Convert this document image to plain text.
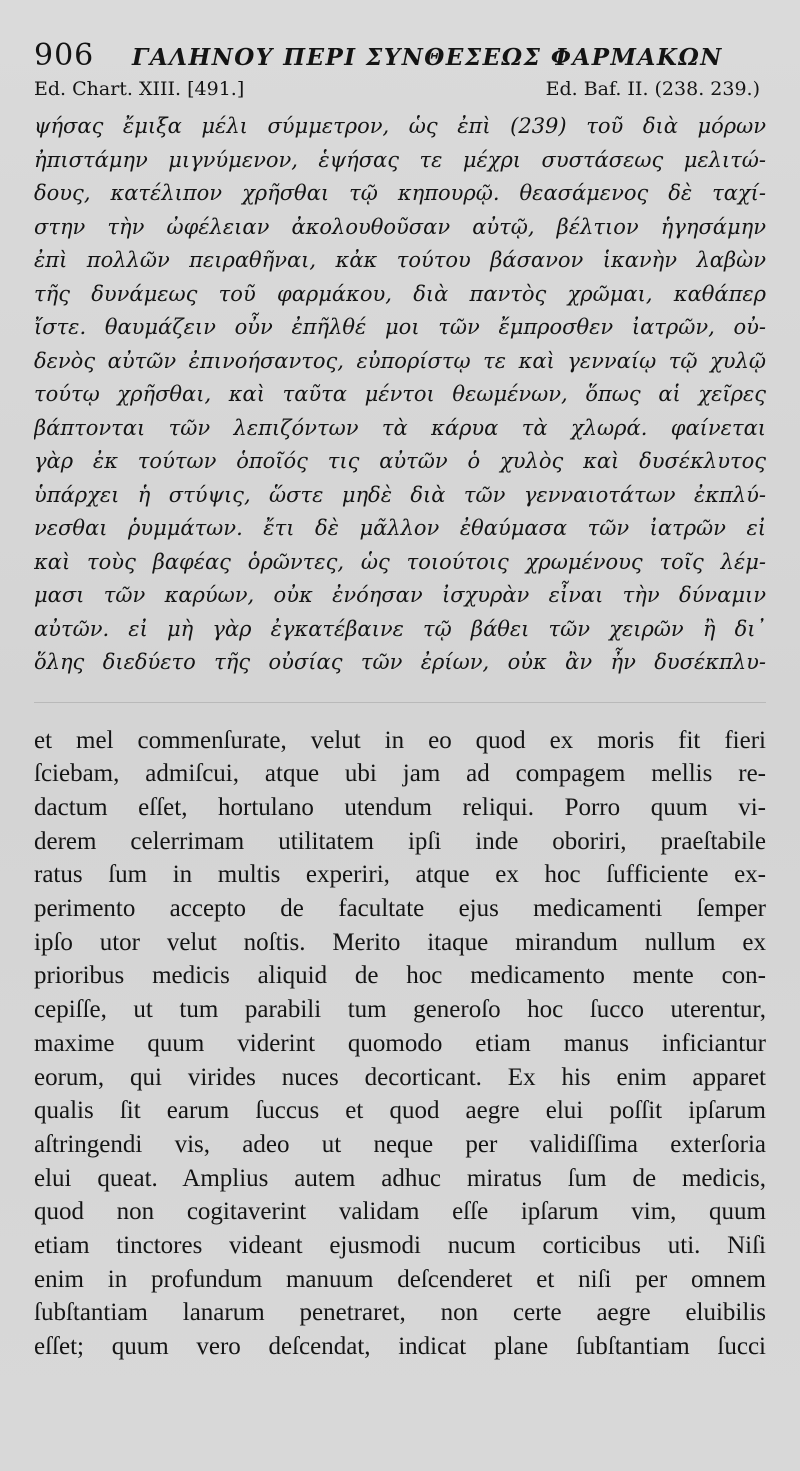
906	ΓΑΛΗΝΟΥ ΠΕΡΙ ΣΥΝΘΕΣΕΩΣ ΦΑΡΜΑΚΩΝ
Ed. Chart. XIII. [491.]	Ed. Baf. II. (238. 239.)
ψήσας ἔμιξα μέλι σύμμετρον, ὡς ἐπὶ (239) τοῦ διὰ μόρων
ἠπιστάμην μιγνύμενον, ἑψήσας τε μέχρι συστάσεως μελιτώ-
δους, κατέλιπον χρῆσθαι τῷ κηπουρῷ. θεασάμενος δὲ ταχί-
στην τὴν ὠφέλειαν ἀκολουθοῦσαν αὐτῷ, βέλτιον ἡγησάμην
ἐπὶ πολλῶν πειραθῆναι, κἀκ τούτου βάσανον ἱκανὴν λαβὼν
τῆς δυνάμεως τοῦ φαρμάκου, διὰ παντὸς χρῶμαι, καθάπερ
ἴστε. θαυμάζειν οὖν ἐπῆλθέ μοι τῶν ἔμπροσθεν ἰατρῶν, οὐ-
δενὸς αὐτῶν ἐπινοήσαντος, εὐπορίστῳ τε καὶ γενναίῳ τῷ χυλῷ
τούτῳ χρῆσθαι, καὶ ταῦτα μέντοι θεωμένων, ὅπως αἱ χεῖρες
βάπτονται τῶν λεπιζόντων τὰ κάρυα τὰ χλωρά. φαίνεται
γὰρ ἐκ τούτων ὁποῖός τις αὐτῶν ὁ χυλὸς καὶ δυσέκλυτος
ὑπάρχει ἡ στύψις, ὥστε μηδὲ διὰ τῶν γενναιοτάτων ἐκπλύ-
νεσθαι ῥυμμάτων. ἔτι δὲ μᾶλλον ἐθαύμασα τῶν ἰατρῶν εἰ
καὶ τοὺς βαφέας ὁρῶντες, ὡς τοιούτοις χρωμένους τοῖς λέμ-
μασι τῶν καρύων, οὐκ ἐνόησαν ἰσχυρὰν εἶναι τὴν δύναμιν
αὐτῶν. εἰ μὴ γὰρ ἐγκατέβαινε τῷ βάθει τῶν χειρῶν ἢ δι᾽
ὅλης διεδύετο τῆς οὐσίας τῶν ἐρίων, οὐκ ἂν ἦν δυσέκπλυ-
et mel commenſurate, velut in eo quod ex moris fit fieri
ſciebam, admiſcui, atque ubi jam ad compagem mellis re-
dactum eſſet, hortulano utendum reliqui. Porro quum vi-
derem celerrimam utilitatem ipſi inde oboriri, praeſtabile
ratus ſum in multis experiri, atque ex hoc ſufficiente ex-
perimento accepto de facultate ejus medicamenti ſemper
ipſo utor velut noſtis. Merito itaque mirandum nullum ex
prioribus medicis aliquid de hoc medicamento mente con-
cepiſſe, ut tum parabili tum generoſo hoc ſucco uterentur,
maxime quum viderint quomodo etiam manus inficiantur
eorum, qui virides nuces decorticant. Ex his enim apparet
qualis ſit earum ſuccus et quod aegre elui poſſit ipſarum
aſtringendi vis, adeo ut neque per validiſſima exterſoria
elui queat. Amplius autem adhuc miratus ſum de medicis,
quod non cogitaverint validam eſſe ipſarum vim, quum
etiam tinctores videant ejusmodi nucum corticibus uti. Niſi
enim in profundum manuum deſcenderet et niſi per omnem
ſubſtantiam lanarum penetraret, non certe aegre eluibilis
eſſet; quum vero deſcendat, indicat plane ſubſtantiam ſucci
